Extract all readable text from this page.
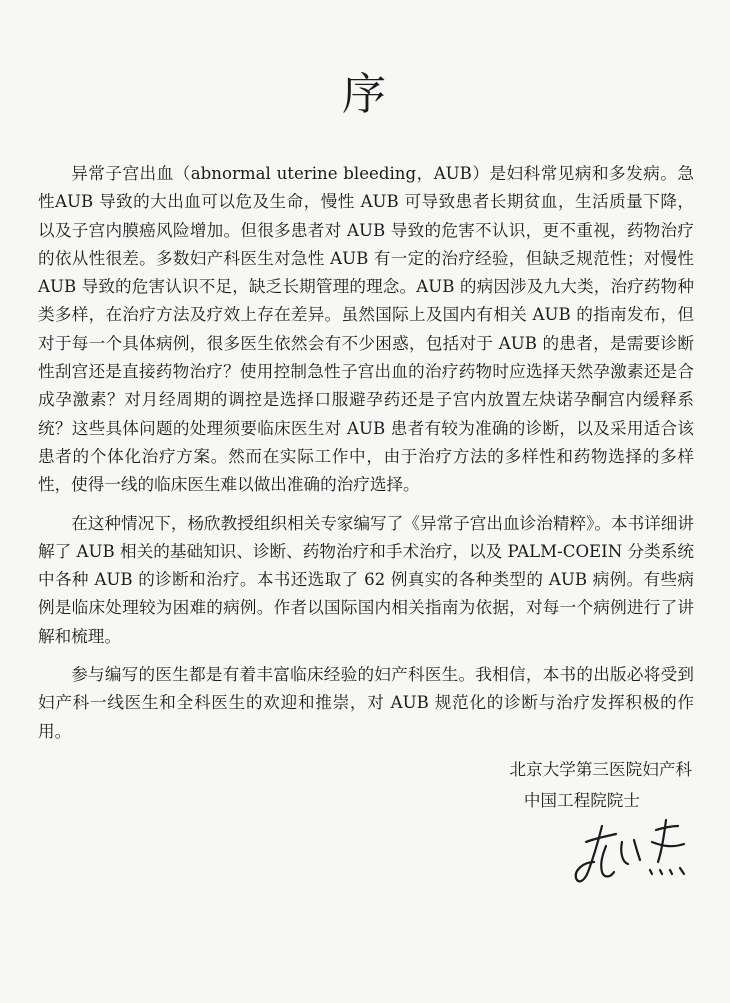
序

异常子宫出血（abnormal uterine bleeding，AUB）是妇科常见病和多发病。急性AUB 导致的大出血可以危及生命，慢性 AUB 可导致患者长期贫血，生活质量下降，以及子宫内膜癌风险增加。但很多患者对 AUB 导致的危害不认识，更不重视，药物治疗的依从性很差。多数妇产科医生对急性 AUB 有一定的治疗经验，但缺乏规范性；对慢性 AUB 导致的危害认识不足，缺乏长期管理的理念。AUB 的病因涉及九大类，治疗药物种类多样，在治疗方法及疗效上存在差异。虽然国际上及国内有相关 AUB 的指南发布，但对于每一个具体病例，很多医生依然会有不少困惑，包括对于 AUB 的患者，是需要诊断性刮宫还是直接药物治疗？使用控制急性子宫出血的治疗药物时应选择天然孕激素还是合成孕激素？对月经周期的调控是选择口服避孕药还是子宫内放置左炔诺孕酮宫内缓释系统？这些具体问题的处理须要临床医生对 AUB 患者有较为准确的诊断，以及采用适合该患者的个体化治疗方案。然而在实际工作中，由于治疗方法的多样性和药物选择的多样性，使得一线的临床医生难以做出准确的治疗选择。

在这种情况下，杨欣教授组织相关专家编写了《异常子宫出血诊治精粹》。本书详细讲解了 AUB 相关的基础知识、诊断、药物治疗和手术治疗，以及 PALM-COEIN 分类系统中各种 AUB 的诊断和治疗。本书还选取了 62 例真实的各种类型的 AUB 病例。有些病例是临床处理较为困难的病例。作者以国际国内相关指南为依据，对每一个病例进行了讲解和梳理。

参与编写的医生都是有着丰富临床经验的妇产科医生。我相信，本书的出版必将受到妇产科一线医生和全科医生的欢迎和推崇，对 AUB 规范化的诊断与治疗发挥积极的作用。

北京大学第三医院妇产科
中国工程院院士
